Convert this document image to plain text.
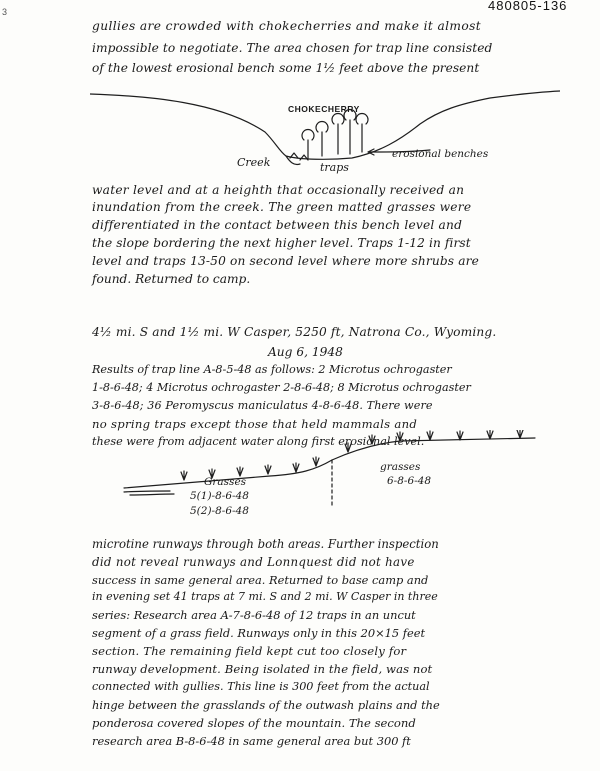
3	480805-136

gullies are crowded with chokecherries and make it almost

impossible to negotiate. The area chosen for trap line consisted

of the lowest erosional bench some 1½ feet above the present

CHOKECHERRY
Creek	traps
erosional benches

water level and at a heighth that occasionally received an

inundation from the creek. The green matted grasses were

differentiated in the contact between this bench level and

the slope bordering the next higher level. Traps 1-12 in first

level and traps 13-50 on second level where more shrubs are

found. Returned to camp.

4½ mi. S and 1½ mi. W Casper, 5250 ft, Natrona Co., Wyoming.

Aug 6, 1948

Results of trap line A-8-5-48 as follows: 2 Microtus ochrogaster

1-8-6-48; 4 Microtus ochrogaster 2-8-6-48; 8 Microtus ochrogaster

3-8-6-48; 36 Peromyscus maniculatus 4-8-6-48. There were

no spring traps except those that held mammals and

these were from adjacent water along first erosional level.

Grasses
5(1)-8-6-48
5(2)-8-6-48
grasses
6-8-6-48

microtine runways through both areas. Further inspection

did not reveal runways and Lonnquest did not have

success in same general area. Returned to base camp and

in evening set 41 traps at 7 mi. S and 2 mi. W Casper in three

series: Research area A-7-8-6-48 of 12 traps in an uncut

segment of a grass field. Runways only in this 20×15 feet

section. The remaining field kept cut too closely for

runway development. Being isolated in the field, was not

connected with gullies. This line is 300 feet from the actual

hinge between the grasslands of the outwash plains and the

ponderosa covered slopes of the mountain. The second

research area B-8-6-48 in same general area but 300 ft
